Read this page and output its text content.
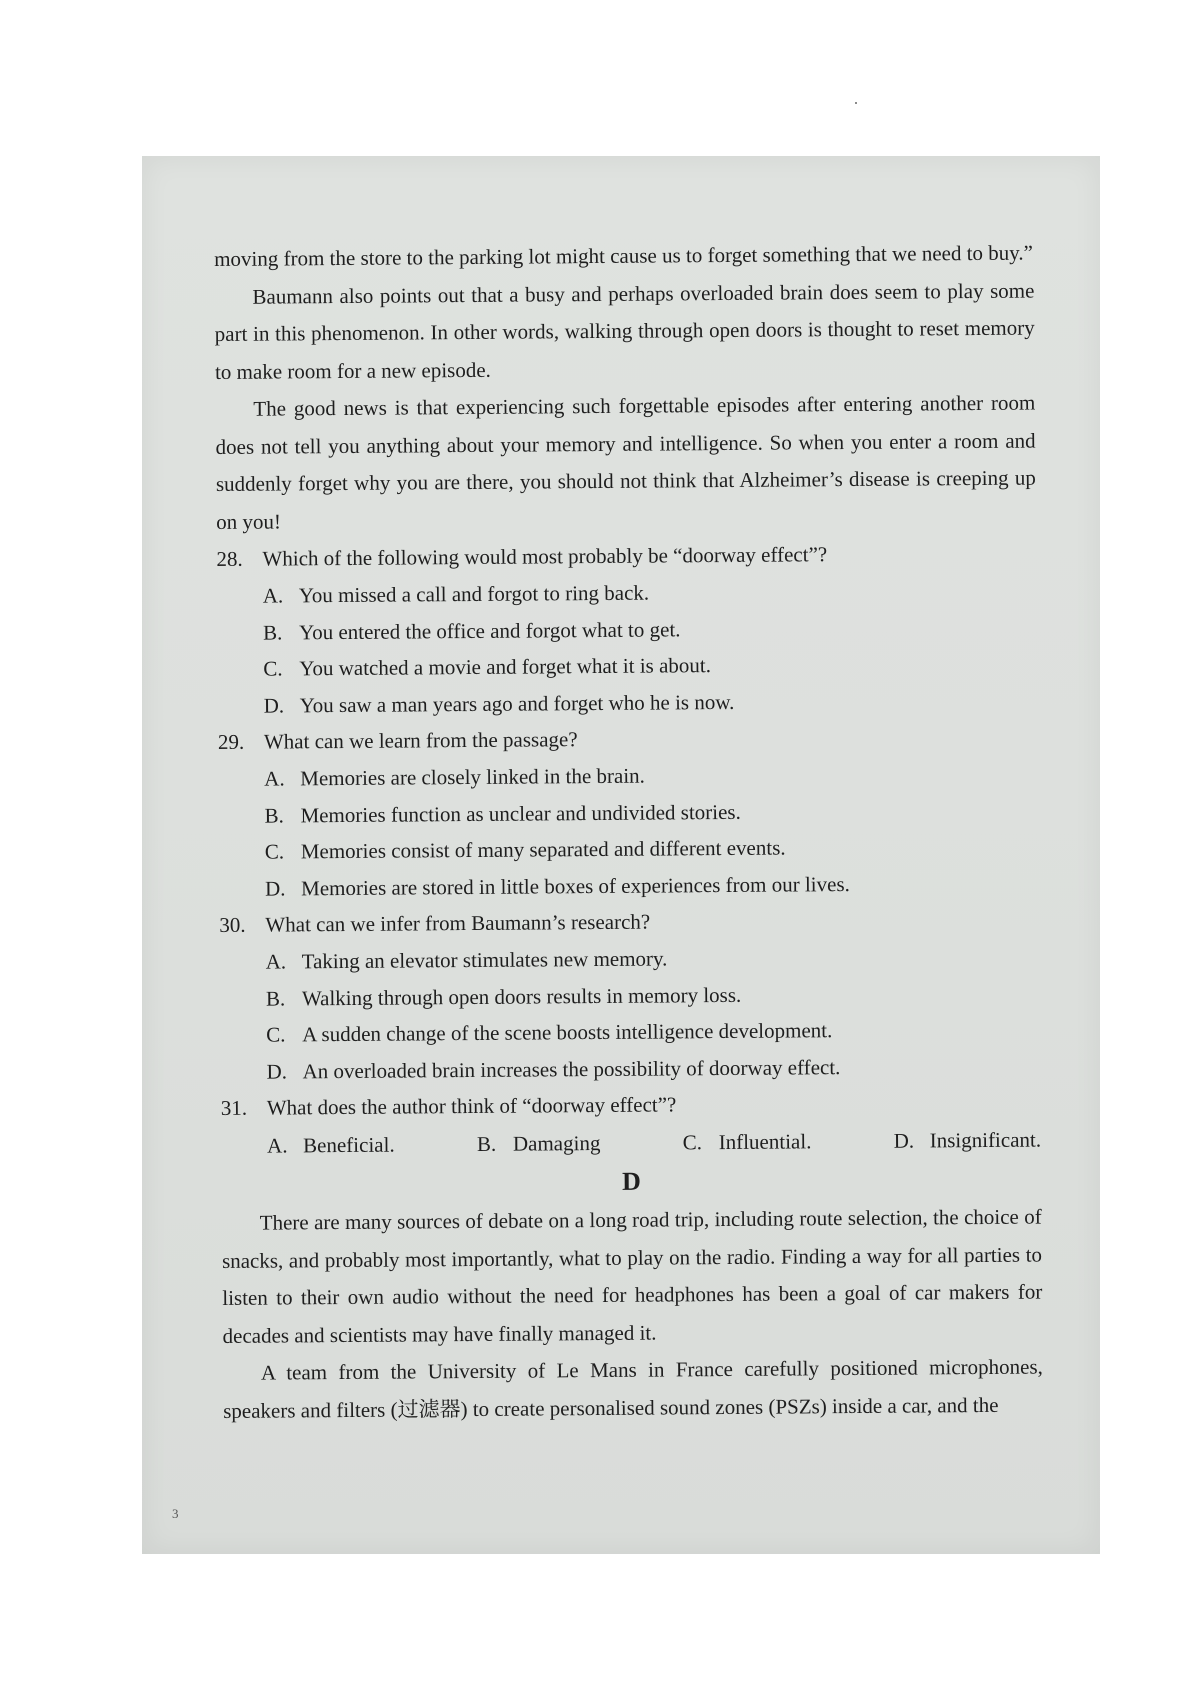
moving from the store to the parking lot might cause us to forget something that we need to buy.”

Baumann also points out that a busy and perhaps overloaded brain does seem to play some part in this phenomenon. In other words, walking through open doors is thought to reset memory to make room for a new episode.

The good news is that experiencing such forgettable episodes after entering another room does not tell you anything about your memory and intelligence. So when you enter a room and suddenly forget why you are there, you should not think that Alzheimer’s disease is creeping up on you!

28. Which of the following would most probably be “doorway effect”?
A. You missed a call and forgot to ring back.
B. You entered the office and forgot what to get.
C. You watched a movie and forget what it is about.
D. You saw a man years ago and forget who he is now.
29. What can we learn from the passage?
A. Memories are closely linked in the brain.
B. Memories function as unclear and undivided stories.
C. Memories consist of many separated and different events.
D. Memories are stored in little boxes of experiences from our lives.
30. What can we infer from Baumann’s research?
A. Taking an elevator stimulates new memory.
B. Walking through open doors results in memory loss.
C. A sudden change of the scene boosts intelligence development.
D. An overloaded brain increases the possibility of doorway effect.
31. What does the author think of “doorway effect”?
A. Beneficial.	B. Damaging	C. Influential.	D. Insignificant.
D

There are many sources of debate on a long road trip, including route selection, the choice of snacks, and probably most importantly, what to play on the radio. Finding a way for all parties to listen to their own audio without the need for headphones has been a goal of car makers for decades and scientists may have finally managed it.

A team from the University of Le Mans in France carefully positioned microphones, speakers and filters (过滤器) to create personalised sound zones (PSZs) inside a car, and the

3
